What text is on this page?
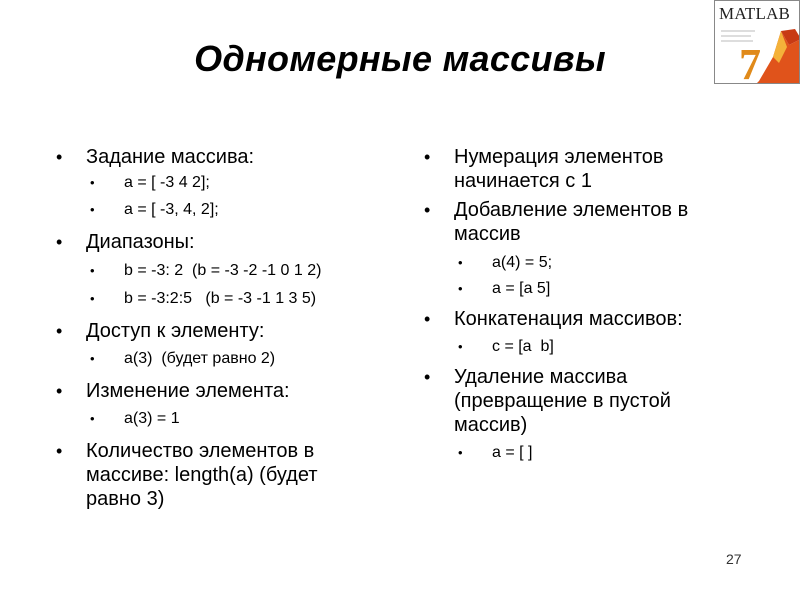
Одномерные массивы	7
MATLAB
• Задание массива:
•	a = [ -3 4 2];
•	a = [ -3, 4, 2];
• Диапазоны:
•	b = -3: 2  (b = -3 -2 -1 0 1 2)
•	b = -3:2:5   (b = -3 -1 1 3 5)
• Доступ к элементу:
•	a(3)  (будет равно 2)
• Изменение элемента:
•	a(3) = 1
• Количество элементов в массиве: length(a) (будет равно 3)
• Нумерация элементов начинается с 1
• Добавление элементов в массив
•	a(4) = 5;
•	a = [a 5]
• Конкатенация массивов:
•	c = [a  b]
• Удаление массива (превращение в пустой массив)
•	a = [ ]
27
